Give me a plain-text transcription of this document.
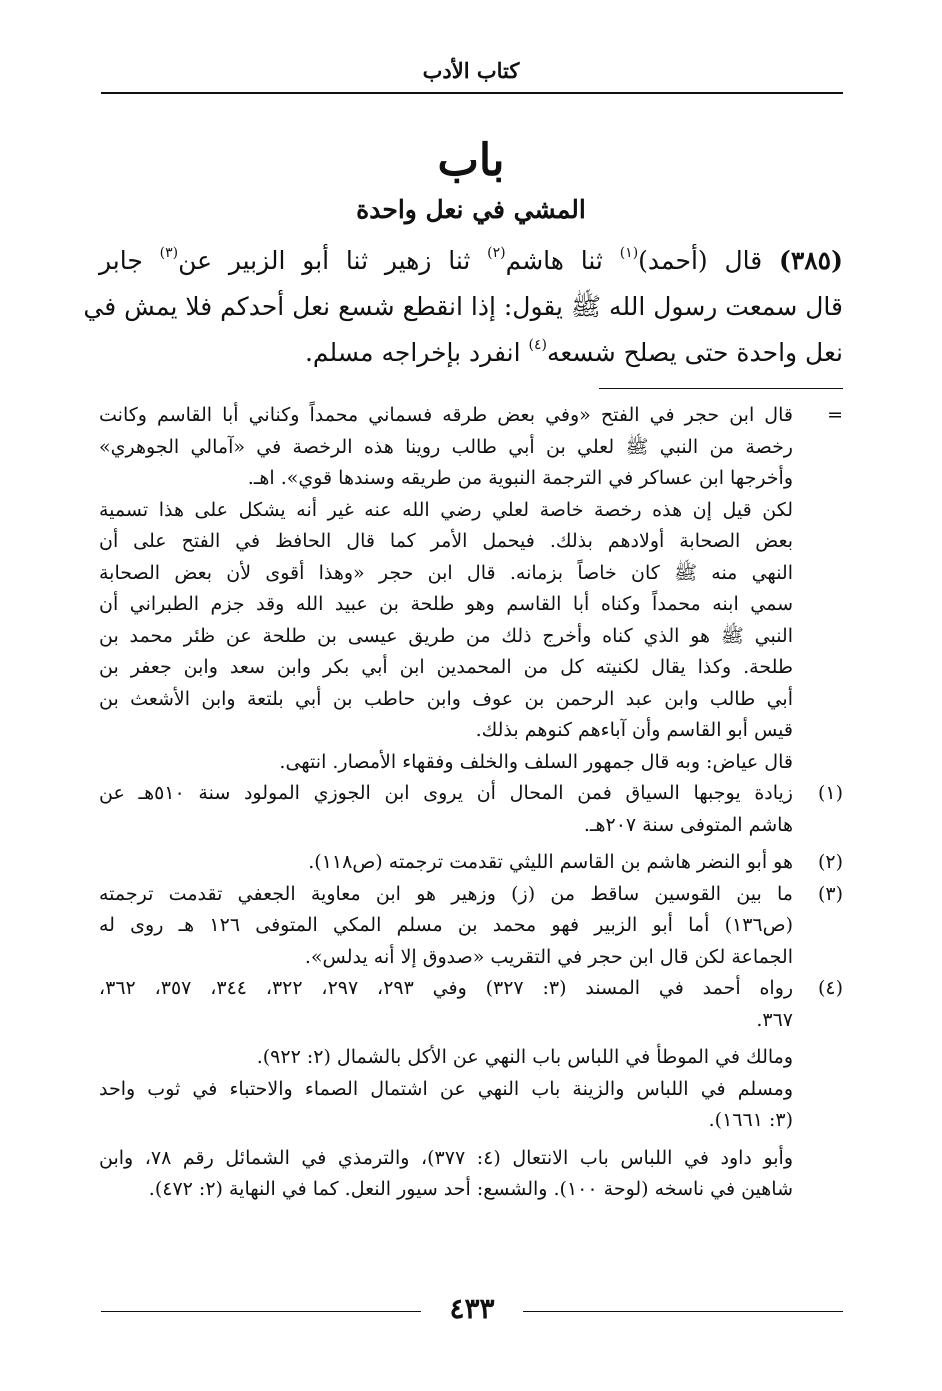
كتاب الأدب
باب
المشي في نعل واحدة
(٣٨٥) قال (أحمد)$^{(١)}$ ثنا هاشم$^{(٢)}$ ثنا زهير ثنا أبو الزبير عن$^{(٣)}$ جابر
قال سمعت رسول الله ﷺ يقول: إذا انقطع شسع نعل أحدكم فلا يمش في
نعل واحدة حتى يصلح شسعه$^{(٤)}$ انفرد بإخراجه مسلم.
=
قال ابن حجر في الفتح «وفي بعض طرقه فسماني محمداً وكناني أبا القاسم وكانت
رخصة من النبي ﷺ لعلي بن أبي طالب روينا هذه الرخصة في «آمالي الجوهري»
وأخرجها ابن عساكر في الترجمة النبوية من طريقه وسندها قوي». اهـ.
لكن قيل إن هذه رخصة خاصة لعلي رضي الله عنه غير أنه يشكل على هذا تسمية
بعض الصحابة أولادهم بذلك. فيحمل الأمر كما قال الحافظ في الفتح على أن
النهي منه ﷺ كان خاصاً بزمانه. قال ابن حجر «وهذا أقوى لأن بعض الصحابة
سمي ابنه محمداً وكناه أبا القاسم وهو طلحة بن عبيد الله وقد جزم الطبراني أن
النبي ﷺ هو الذي كناه وأخرج ذلك من طريق عيسى بن طلحة عن ظئر محمد بن
طلحة. وكذا يقال لكنيته كل من المحمدين ابن أبي بكر وابن سعد وابن جعفر بن
أبي طالب وابن عبد الرحمن بن عوف وابن حاطب بن أبي بلتعة وابن الأشعث بن
قيس أبو القاسم وأن آباءهم كنوهم بذلك.
قال عياض: وبه قال جمهور السلف والخلف وفقهاء الأمصار. انتهى.
(١)
زيادة يوجبها السياق فمن المحال أن يروى ابن الجوزي المولود سنة ٥١٠هـ عن
هاشم المتوفى سنة ٢٠٧هـ.
(٢)
هو أبو النضر هاشم بن القاسم الليثي تقدمت ترجمته (ص١١٨).
(٣)
ما بين القوسين ساقط من (ز) وزهير هو ابن معاوية الجعفي تقدمت ترجمته
(ص١٣٦) أما أبو الزبير فهو محمد بن مسلم المكي المتوفى ١٢٦ هـ روى له
الجماعة لكن قال ابن حجر في التقريب «صدوق إلا أنه يدلس».
(٤)
رواه أحمد في المسند (٣: ٣٢٧) وفي ٢٩٣، ٢٩٧، ٣٢٢، ٣٤٤، ٣٥٧، ٣٦٢،
٣٦٧.
ومالك في الموطأ في اللباس باب النهي عن الأكل بالشمال (٢: ٩٢٢).
ومسلم في اللباس والزينة باب النهي عن اشتمال الصماء والاحتباء في ثوب واحد
(٣: ١٦٦١).
وأبو داود في اللباس باب الانتعال (٤: ٣٧٧)، والترمذي في الشمائل رقم ٧٨، وابن
شاهين في ناسخه (لوحة ١٠٠). والشسع: أحد سيور النعل. كما في النهاية (٢: ٤٧٢).
٤٣٣
